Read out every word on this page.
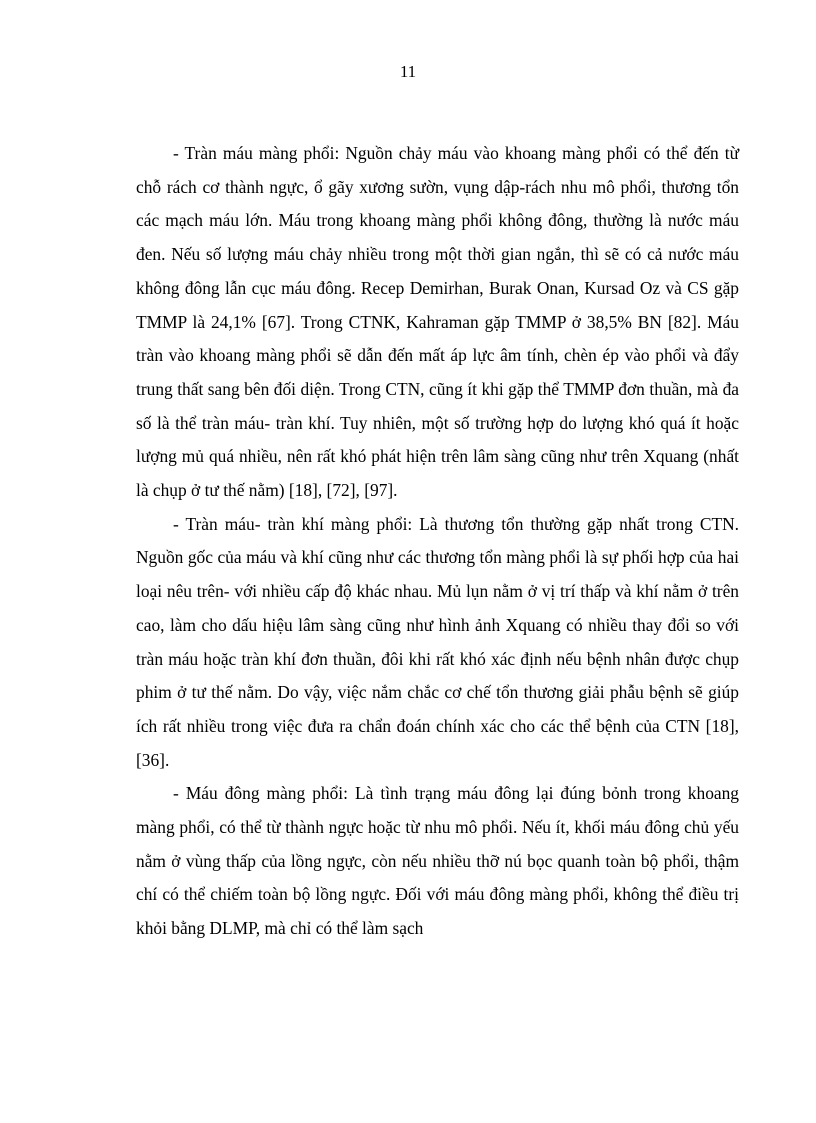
11

- Tràn máu màng phổi: Nguồn chảy máu vào khoang màng phổi có thể đến từ chỗ rách cơ thành ngực, ổ gãy xương sườn, vụng dập-rách nhu mô phổi, thương tổn các mạch máu lớn. Máu trong khoang màng phổi không đông, thường là nước máu đen. Nếu số lượng máu chảy nhiều trong một thời gian ngắn, thì sẽ có cả nước máu không đông lẫn cục máu đông. Recep Demirhan, Burak Onan, Kursad Oz và CS gặp TMMP là 24,1% [67]. Trong CTNK, Kahraman gặp TMMP ở 38,5% BN [82]. Máu tràn vào khoang màng phổi sẽ dẫn đến mất áp lực âm tính, chèn ép vào phổi và đẩy trung thất sang bên đối diện. Trong CTN, cũng ít khi gặp thể TMMP đơn thuần, mà đa số là thể tràn máu- tràn khí. Tuy nhiên, một số trường hợp do lượng khó quá ít hoặc lượng mủ quá nhiều, nên rất khó phát hiện trên lâm sàng cũng như trên Xquang (nhất là chụp ở tư thế nằm) [18], [72], [97].

- Tràn máu- tràn khí màng phổi: Là thương tổn thường gặp nhất trong CTN. Nguồn gốc của máu và khí cũng như các thương tổn màng phổi là sự phối hợp của hai loại nêu trên- với nhiều cấp độ khác nhau. Mủ lụn nằm ở vị trí thấp và khí nằm ở trên cao, làm cho dấu hiệu lâm sàng cũng như hình ảnh Xquang có nhiều thay đổi so với tràn máu hoặc tràn khí đơn thuần, đôi khi rất khó xác định nếu bệnh nhân được chụp phim ở tư thế nằm. Do vậy, việc nắm chắc cơ chế tổn thương giải phẫu bệnh sẽ giúp ích rất nhiều trong việc đưa ra chẩn đoán chính xác cho các thể bệnh của CTN [18], [36].

- Máu đông màng phổi: Là tình trạng máu đông lại đúng bỏnh trong khoang màng phổi, có thể từ thành ngực hoặc từ nhu mô phổi. Nếu ít, khối máu đông chủ yếu nằm ở vùng thấp của lồng ngực, còn nếu nhiều thỡ nú bọc quanh toàn bộ phổi, thậm chí có thể chiếm toàn bộ lồng ngực. Đối với máu đông màng phổi, không thể điều trị khỏi bằng DLMP, mà chỉ có thể làm sạch
